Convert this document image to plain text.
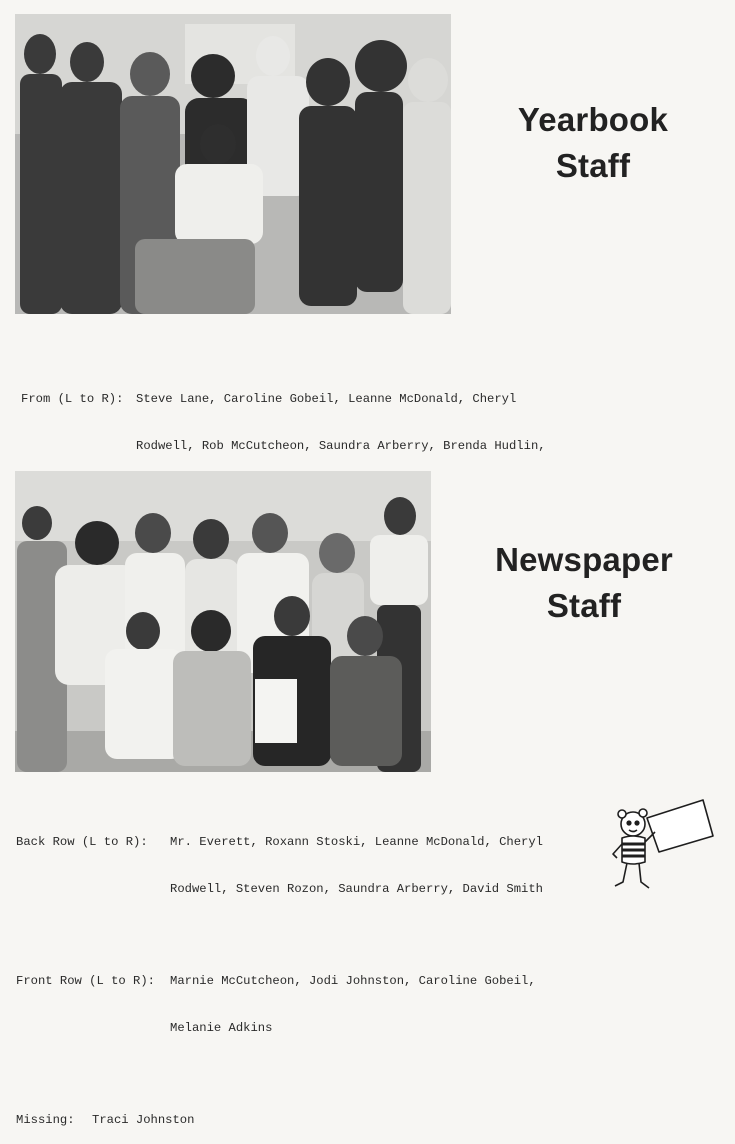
Yearbook
Staff

From (L to R):	Steve Lane, Caroline Gobeil, Leanne McDonald, Cheryl

Rodwell, Rob McCutcheon, Saundra Arberry, Brenda Hudlin,

Newspaper
Staff

Back Row (L to R):	Mr. Everett, Roxann Stoski, Leanne McDonald, Cheryl

Rodwell, Steven Rozon, Saundra Arberry, David Smith

Front Row (L to R):	Marnie McCutcheon, Jodi Johnston, Caroline Gobeil,

Melanie Adkins

Missing:	Traci Johnston
